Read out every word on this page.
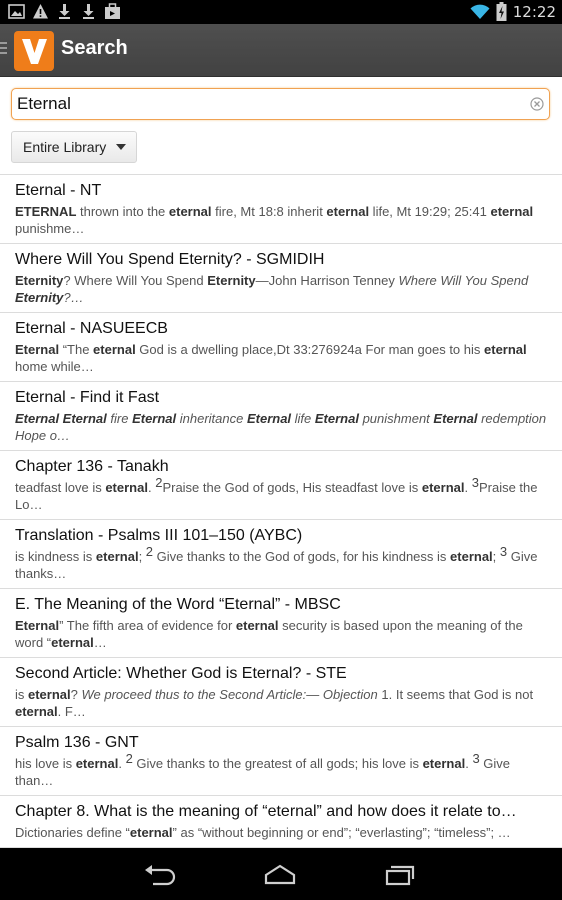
12:22
Search
Eternal
Entire Library
Eternal - NT
ETERNAL thrown into the eternal fire, Mt 18:8 inherit eternal life, Mt 19:29; 25:41 eternal punishme…
Where Will You Spend Eternity? - SGMIDIH
Eternity? Where Will You Spend Eternity—John Harrison Tenney Where Will You Spend Eternity?…
Eternal - NASUEECB
Eternal “The eternal God is a dwelling place,Dt 33:276924a For man goes to his eternal home while…
Eternal - Find it Fast
Eternal Eternal fire Eternal inheritance Eternal life Eternal punishment Eternal redemption Hope o…
Chapter 136 - Tanakh
teadfast love is eternal. $^2$Praise the God of gods, His steadfast love is eternal. $^3$Praise the Lo…
Translation - Psalms III 101–150 (AYBC)
is kindness is eternal; $^2$ Give thanks to the God of gods, for his kindness is eternal; $^3$ Give thanks…
E. The Meaning of the Word “Eternal” - MBSC
Eternal” The fifth area of evidence for eternal security is based upon the meaning of the word “eternal…
Second Article: Whether God is Eternal? - STE
is eternal? We proceed thus to the Second Article:— Objection 1. It seems that God is not eternal. F…
Psalm 136 - GNT
his love is eternal. $^2$ Give thanks to the greatest of all gods; his love is eternal. $^3$ Give than…
Chapter 8. What is the meaning of “eternal” and how does it relate to…
Dictionaries define “eternal” as “without beginning or end”; “everlasting”; “timeless”; …
